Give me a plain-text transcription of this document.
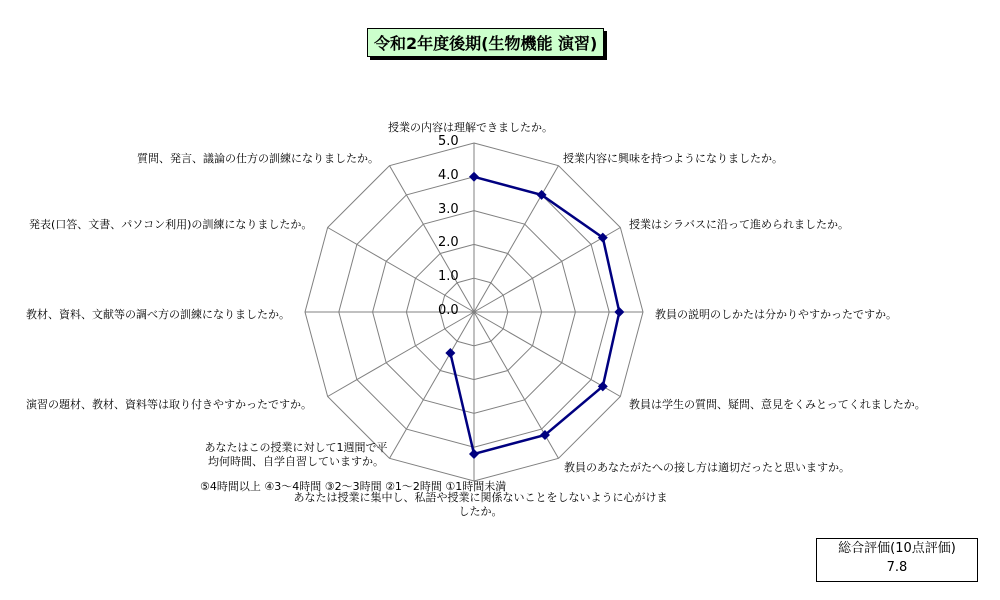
令和2年度後期(生物機能 演習)
授業の内容は理解できましたか。
授業内容に興味を持つようになりましたか。
授業はシラバスに沿って進められましたか。
教員の説明のしかたは分かりやすかったですか。
教員は学生の質問、疑問、意見をくみとってくれましたか。
教員のあなたがたへの接し方は適切だったと思いますか。
あなたは授業に集中し、私語や授業に関係ないことをしないように心がけましたか。
あなたはこの授業に対して1週間で平均何時間、自学自習していますか。
⑤4時間以上 ④3～4時間 ③2～3時間 ②1～2時間 ①1時間未満
演習の題材、教材、資料等は取り付きやすかったですか。
教材、資料、文献等の調べ方の訓練になりましたか。
発表(口答、文書、パソコン利用)の訓練になりましたか。
質問、発言、議論の仕方の訓練になりましたか。
0.0
1.0
2.0
3.0
4.0
5.0
総合評価(10点評価)
7.8
